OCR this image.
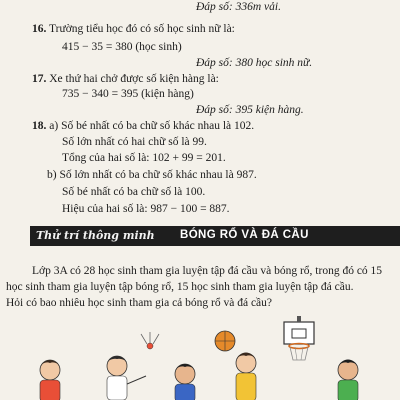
Đáp số: 336m vải.
16. Trường tiểu học đó có số học sinh nữ là:
415 − 35 = 380 (học sinh)
Đáp số: 380 học sinh nữ.
17. Xe thứ hai chở được số kiện hàng là:
735 − 340 = 395 (kiện hàng)
Đáp số: 395 kiện hàng.
18. a) Số bé nhất có ba chữ số khác nhau là 102.
Số lớn nhất có hai chữ số là 99.
Tổng của hai số là: 102 + 99 = 201.
b) Số lớn nhất có ba chữ số khác nhau là 987.
Số bé nhất có ba chữ số là 100.
Hiệu của hai số là: 987 − 100 = 887.
Thử trí thông minh BÓNG RỔ VÀ ĐÁ CẦU
Lớp 3A có 28 học sinh tham gia luyện tập đá cầu và bóng rổ, trong đó có 15
học sinh tham gia luyện tập bóng rổ, 15 học sinh tham gia luyện tập đá cầu.
Hỏi có bao nhiêu học sinh tham gia cả bóng rổ và đá cầu?
